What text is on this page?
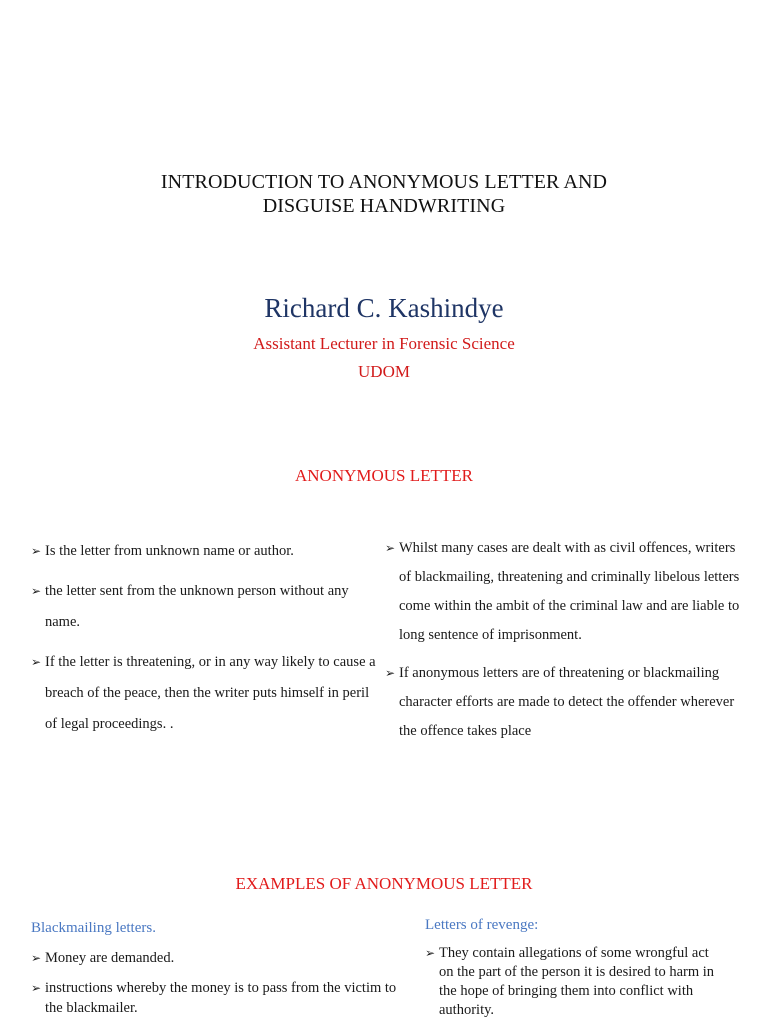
INTRODUCTION TO ANONYMOUS LETTER AND
DISGUISE HANDWRITING
Richard C. Kashindye
Assistant Lecturer in Forensic Science
UDOM
ANONYMOUS LETTER
➢ Is the letter from unknown name or author.
➢ the letter sent from the unknown person without any name.
➢ If the letter is threatening, or in any way likely to cause a breach of the peace, then the writer puts himself in peril of legal proceedings. .
➢ Whilst many cases are dealt with as civil offences, writers of blackmailing, threatening and criminally libelous letters come within the ambit of the criminal law and are liable to long sentence of imprisonment.
➢ If anonymous letters are of threatening or blackmailing character efforts are made to detect the offender wherever the offence takes place
EXAMPLES OF ANONYMOUS LETTER
Blackmailing letters.	Letters of revenge:
➢ Money are demanded.
➢ instructions whereby the money is to pass from the victim to the blackmailer.
➢ They contain allegations of some wrongful act on the part of the person it is desired to harm in the hope of bringing them into conflict with authority.
